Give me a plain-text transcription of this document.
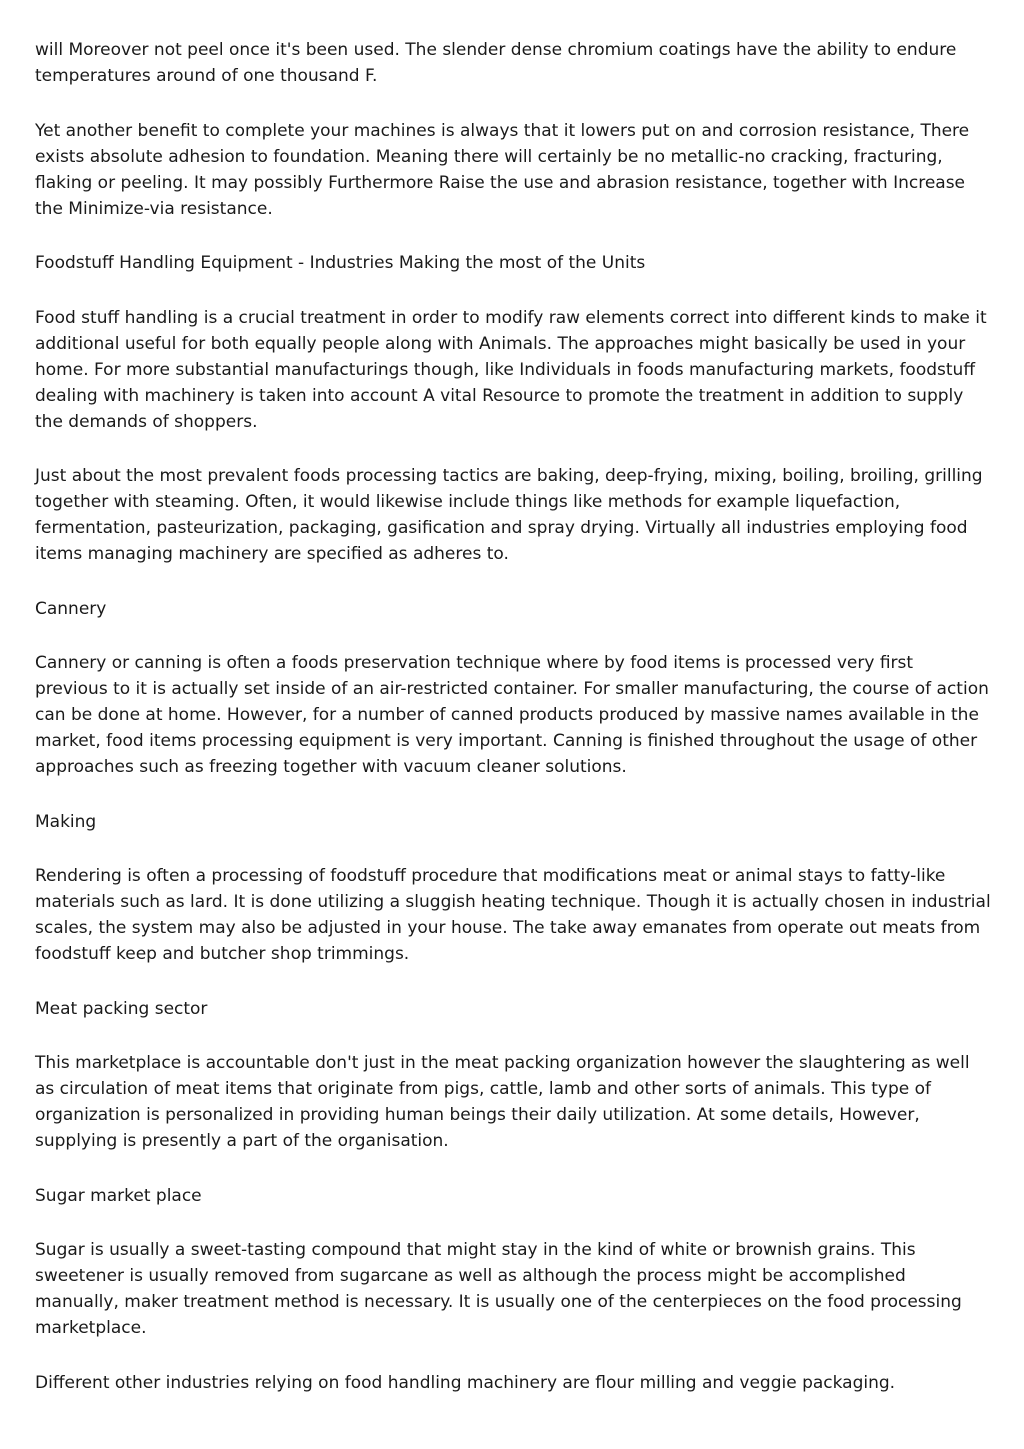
will Moreover not peel once it's been used. The slender dense chromium coatings have the ability to endure temperatures around of one thousand F.

Yet another benefit to complete your machines is always that it lowers put on and corrosion resistance, There exists absolute adhesion to foundation. Meaning there will certainly be no metallic-no cracking, fracturing, flaking or peeling. It may possibly Furthermore Raise the use and abrasion resistance, together with Increase the Minimize-via resistance.

Foodstuff Handling Equipment - Industries Making the most of the Units

Food stuff handling is a crucial treatment in order to modify raw elements correct into different kinds to make it additional useful for both equally people along with Animals. The approaches might basically be used in your home. For more substantial manufacturings though, like Individuals in foods manufacturing markets, foodstuff dealing with machinery is taken into account A vital Resource to promote the treatment in addition to supply the demands of shoppers.

Just about the most prevalent foods processing tactics are baking, deep-frying, mixing, boiling, broiling, grilling together with steaming. Often, it would likewise include things like methods for example liquefaction, fermentation, pasteurization, packaging, gasification and spray drying. Virtually all industries employing food items managing machinery are specified as adheres to.

Cannery

Cannery or canning is often a foods preservation technique where by food items is processed very first previous to it is actually set inside of an air-restricted container. For smaller manufacturing, the course of action can be done at home. However, for a number of canned products produced by massive names available in the market, food items processing equipment is very important. Canning is finished throughout the usage of other approaches such as freezing together with vacuum cleaner solutions.

Making

Rendering is often a processing of foodstuff procedure that modifications meat or animal stays to fatty-like materials such as lard. It is done utilizing a sluggish heating technique. Though it is actually chosen in industrial scales, the system may also be adjusted in your house. The take away emanates from operate out meats from foodstuff keep and butcher shop trimmings.

Meat packing sector

This marketplace is accountable don't just in the meat packing organization however the slaughtering as well as circulation of meat items that originate from pigs, cattle, lamb and other sorts of animals. This type of organization is personalized in providing human beings their daily utilization. At some details, However, supplying is presently a part of the organisation.

Sugar market place

Sugar is usually a sweet-tasting compound that might stay in the kind of white or brownish grains. This sweetener is usually removed from sugarcane as well as although the process might be accomplished manually, maker treatment method is necessary. It is usually one of the centerpieces on the food processing marketplace.

Different other industries relying on food handling machinery are flour milling and veggie packaging.
